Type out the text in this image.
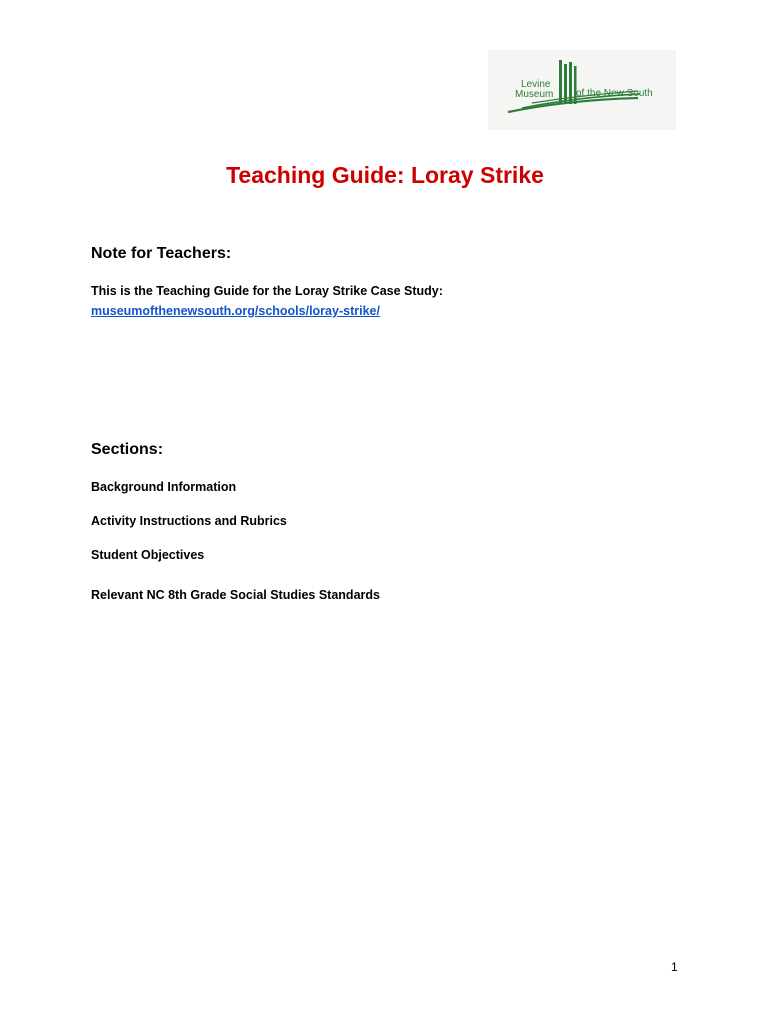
Levine
Museum of the New South
Teaching Guide: Loray Strike
Note for Teachers:
This is the Teaching Guide for the Loray Strike Case Study:
museumofthenewsouth.org/schools/loray-strike/
Sections:
Background Information
Activity Instructions and Rubrics
Student Objectives
Relevant NC 8th Grade Social Studies Standards
1
